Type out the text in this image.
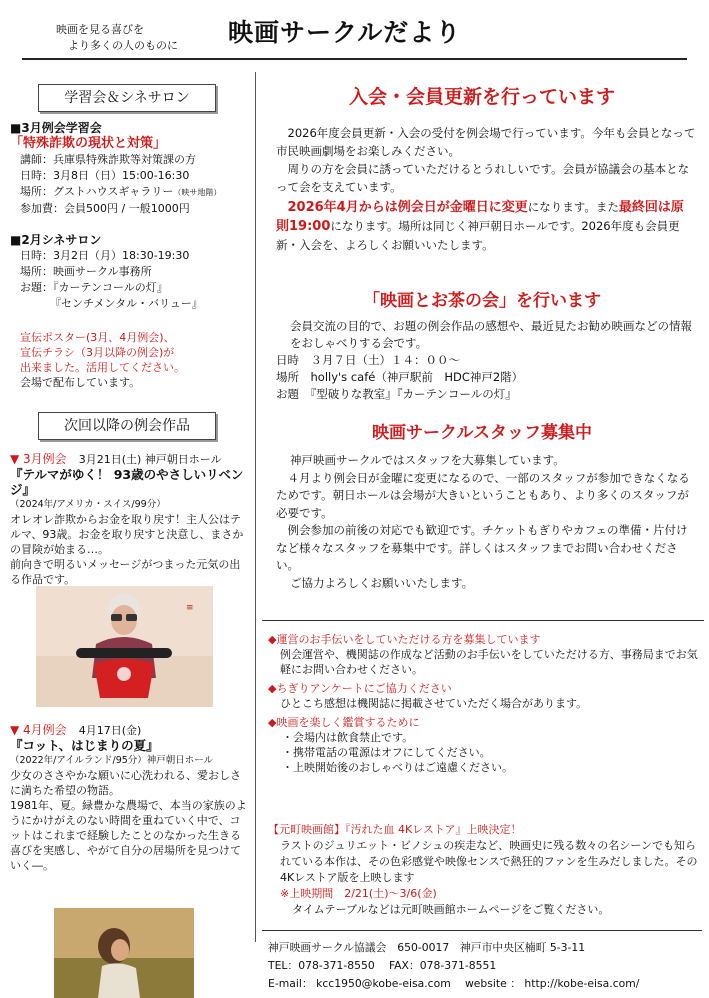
映画を見る喜びを
より多くの人のものに	映画サークルだより
学習会＆シネサロン
■3月例会学習会
「特殊詐欺の現状と対策」
講師：兵庫県特殊詐欺等対策課の方
日時：3月8日（日）15:00-16:30
場所：グストハウスギャラリー（映サ地階）
参加費：会員500円 / 一般1000円
■2月シネサロン
日時：3月2日（月）18:30-19:30
場所：映画サークル事務所
お題：『カーテンコールの灯』
『センチメンタル・バリュー』
宣伝ポスター(3月、4月例会)、
宣伝チラシ（3月以降の例会)が
出来ました。活用してください。
会場で配布しています。
次回以降の例会作品
▼ 3月例会　 3月21日(土) 神戸朝日ホール
『テルマがゆく！ 93歳のやさしいリベンジ』
（2024年/アメリカ・スイス/99分）
オレオレ詐欺からお金を取り戻す！主人公はテルマ、93歳。お金を取り戻すと決意し、まさかの冒険が始まる…。
前向きで明るいメッセージがつまった元気の出る作品です。
≡
▼ 4月例会　 4月17日(金)
『コット、はじまりの夏』
（2022年/アイルランド/95分）神戸朝日ホール
少女のささやかな願いに心洗われる、愛おしさに満ちた希望の物語。
1981年、夏。緑豊かな農場で、本当の家族のようにかけがえのない時間を重ねていく中で、コットはこれまで経験したことのなかった生きる喜びを実感し、やがて自分の居場所を見つけていく―。
入会・会員更新を行っています
2026年度会員更新・入会の受付を例会場で行っています。今年も会員となって市民映画劇場をお楽しみください。
周りの方を会員に誘っていただけるとうれしいです。会員が協議会の基本となって会を支えています。
2026年4月からは例会日が金曜日に変更になります。また最終回は原則19:00になります。場所は同じく神戸朝日ホールです。2026年度も会員更新・入会を、よろしくお願いいたします。
「映画とお茶の会」を行います
会員交流の目的で、お題の例会作品の感想や、最近見たお勧め映画などの情報をおしゃべりする会です。
日時　３月７日（土）１４：００～
場所　holly's café（神戸駅前　HDC神戸2階）
お題　『型破りな教室』『カーテンコールの灯』
映画サークルスタッフ募集中
神戸映画サークルではスタッフを大募集しています。
４月より例会日が金曜に変更になるので、一部のスタッフが参加できなくなるためです。朝日ホールは会場が大きいということもあり、より多くのスタッフが必要です。
例会参加の前後の対応でも歓迎です。チケットもぎりやカフェの準備・片付けなど様々なスタッフを募集中です。詳しくはスタッフまでお問い合わせください。
ご協力よろしくお願いいたします。
◆運営のお手伝いをしていただける方を募集しています
例会運営や、機関誌の作成など活動のお手伝いをしていただける方、事務局までお気軽にお問い合わせください。
◆ちぎりアンケートにご協力ください
ひとこち感想は機関誌に掲載させていただく場合があります。
◆映画を楽しく鑑賞するために
・会場内は飲食禁止です。
・携帯電話の電源はオフにしてください。
・上映開始後のおしゃべりはご遠慮ください。
【元町映画館】『汚れた血 4Kレストア』上映決定！
ラストのジュリエット・ビノシュの疾走など、映画史に残る数々の名シーンでも知られている本作は、その色彩感覚や映像センスで熱狂的ファンを生みだしました。その4Kレストア版を上映します
※上映期間　2/21(土)～3/6(金)
タイムテーブルなどは元町映画館ホームページをご覧ください。
神戸映画サークル協議会　650-0017　神戸市中央区楠町 5-3-11
TEL：078-371-8550　 FAX：078-371-8551
E-mail： kcc1950@kobe-eisa.com　 website ： http://kobe-eisa.com/
